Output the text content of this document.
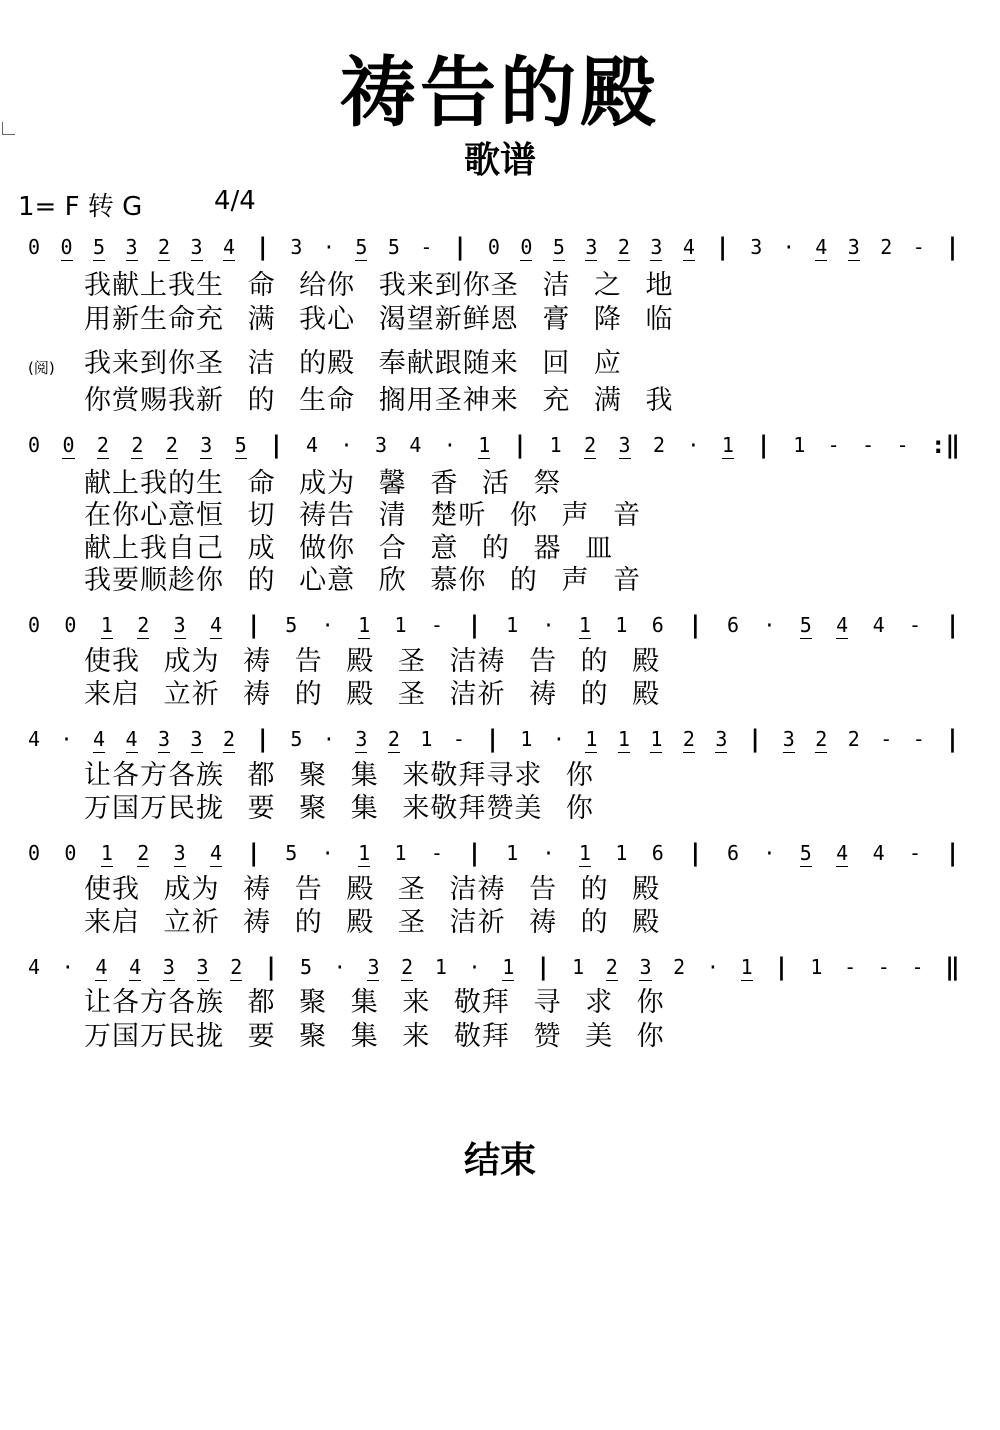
祷告的殿
歌谱
1= F 转 G	4/4
(阅)
结束
0 0 5 3 2 3 4 | 3 · 5 5 - | 0 0 5 3 2 3 4 | 3 · 4 3 2 - |
我献上我生 命 给你 我来到你圣 洁 之 地
用新生命充 满 我心 渴望新鲜恩 膏 降 临
我来到你圣 洁 的殿 奉献跟随来 回 应
你赏赐我新 的 生命 搁用圣神来 充 满 我
0 0 2 2 2 3 5 | 4 · 3 4 · 1 | 1 2 3 2 · 1 | 1 - - - :‖
献上我的生 命 成为 馨 香 活 祭
在你心意恒 切 祷告 清 楚听 你 声 音
献上我自己 成 做你 合 意 的 器 皿
我要顺趁你 的 心意 欣 慕你 的 声 音
0 0 1 2 3 4 | 5 · 1 1 - | 1 · 1 1 6 | 6 · 5 4 4 - |
使我 成为 祷 告 殿 圣 洁祷 告 的 殿
来启 立祈 祷 的 殿 圣 洁祈 祷 的 殿
4 · 4 4 3 3 2 | 5 · 3 2 1 - | 1 · 1 1 1 2 3 | 3 2 2 - - |
让各方各族 都 聚 集 来敬拜寻求 你
万国万民拢 要 聚 集 来敬拜赞美 你
0 0 1 2 3 4 | 5 · 1 1 - | 1 · 1 1 6 | 6 · 5 4 4 - |
使我 成为 祷 告 殿 圣 洁祷 告 的 殿
来启 立祈 祷 的 殿 圣 洁祈 祷 的 殿
4 · 4 4 3 3 2 | 5 · 3 2 1 · 1 | 1 2 3 2 · 1 | 1 - - - ‖
让各方各族 都 聚 集 来 敬拜 寻 求 你
万国万民拢 要 聚 集 来 敬拜 赞 美 你
